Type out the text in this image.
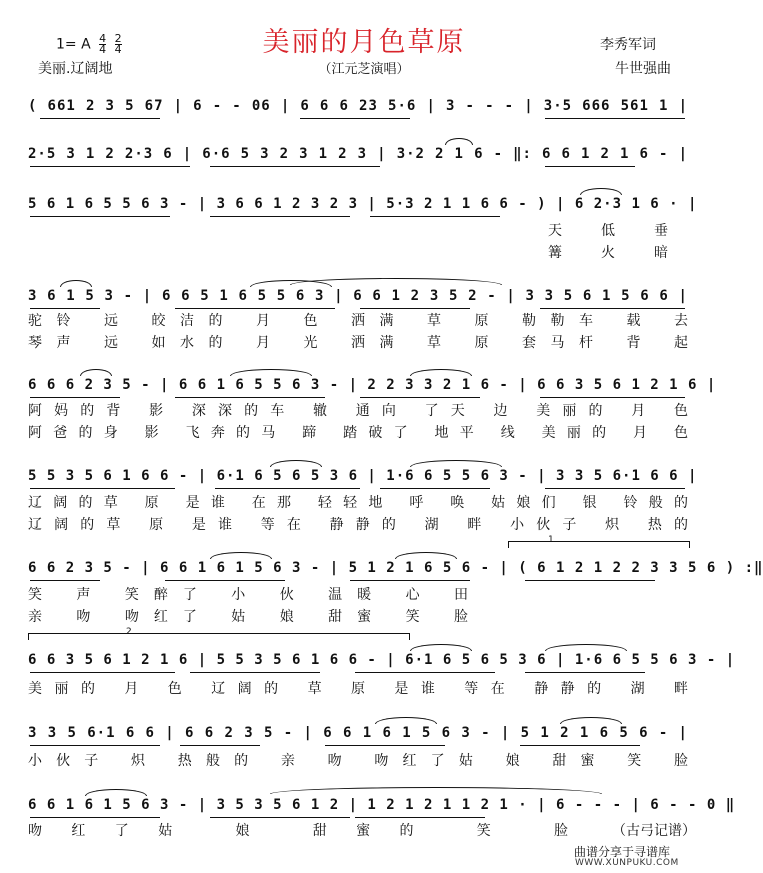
美丽的月色草原
1= A $\frac{4}{4}$
$\frac{2}{4}$
美丽.辽阔地	（江元芝演唱）
李秀军词
牛世强曲
( 661 2 3 5 67 | 6 - - 06 | 6 6 6 23 5·6 | 3 - - - | 3·5 666 561 1 |
2·5 3 1 2 2·3 6 | 6·6 5 3 2 3 1 2 3 | 3·2 2 1 6 - ‖: 6 6 1 2 1 6 - |
5 6 1 6 5 5 6 3 - | 3 6 6 1 2 3 2 3 | 5·3 2 1 1 6 6 - ) | 6 2·3 1 6 · |
天 低 垂
篝 火 暗
3 6 1 5 3 - | 6 6 5 1 6 5 5 6 3 | 6 6 1 2 3 5 2 - | 3 3 5 6 1 5 6 6 |
驼铃 远 皎洁的 月 色 洒满 草 原 勒勒车 载 去
琴声 远 如水的 月 光 洒满 草 原 套马杆 背 起
6 6 6 2 3 5 - | 6 6 1 6 5 5 6 3 - | 2 2 3 3 2 1 6 - | 6 6 3 5 6 1 2 1 6 |
阿妈的背 影 深深的车 辙 通向 了天 边 美丽的 月 色
阿爸的身 影 飞奔的马 蹄 踏破了 地平 线 美丽的 月 色
5 5 3 5 6 1 6 6 - | 6·1 6 5 6 5 3 6 | 1·6 6 5 5 6 3 - | 3 3 5 6·1 6 6 |
辽阔的草 原 是谁 在那 轻轻地 呼 唤 姑娘们 银 铃般的
辽阔的草 原 是谁 等在 静静的 湖 畔 小伙子 炽 热的
1
6 6 2 3 5 - | 6 6 1 6 1 5 6 3 - | 5 1 2 1 6 5 6 - | ( 6 1 2 1 2 2 3 3 5 6 ) :‖
笑 声 笑醉了 小 伙 温暖 心 田
亲 吻 吻红了 姑 娘 甜蜜 笑 脸
2
6 6 3 5 6 1 2 1 6 | 5 5 3 5 6 1 6 6 - | 6·1 6 5 6 5 3 6 | 1·6 6 5 5 6 3 - |
美丽的 月 色 辽阔的 草 原 是谁 等在 静静的 湖 畔
3 3 5 6·1 6 6 | 6 6 2 3 5 - | 6 6 1 6 1 5 6 3 - | 5 1 2 1 6 5 6 - |
小伙子 炽 热般的 亲 吻 吻红了姑 娘 甜蜜 笑 脸
6 6 1 6 1 5 6 3 - | 3 5 3 5 6 1 2 | 1 2 1 2 1 1 2 1 · | 6 - - - | 6 - - 0 ‖
吻红了姑 娘 甜蜜的 笑 脸	（古弓记谱）
曲谱分享于寻谱库
WWW.XUNPUKU.COM
